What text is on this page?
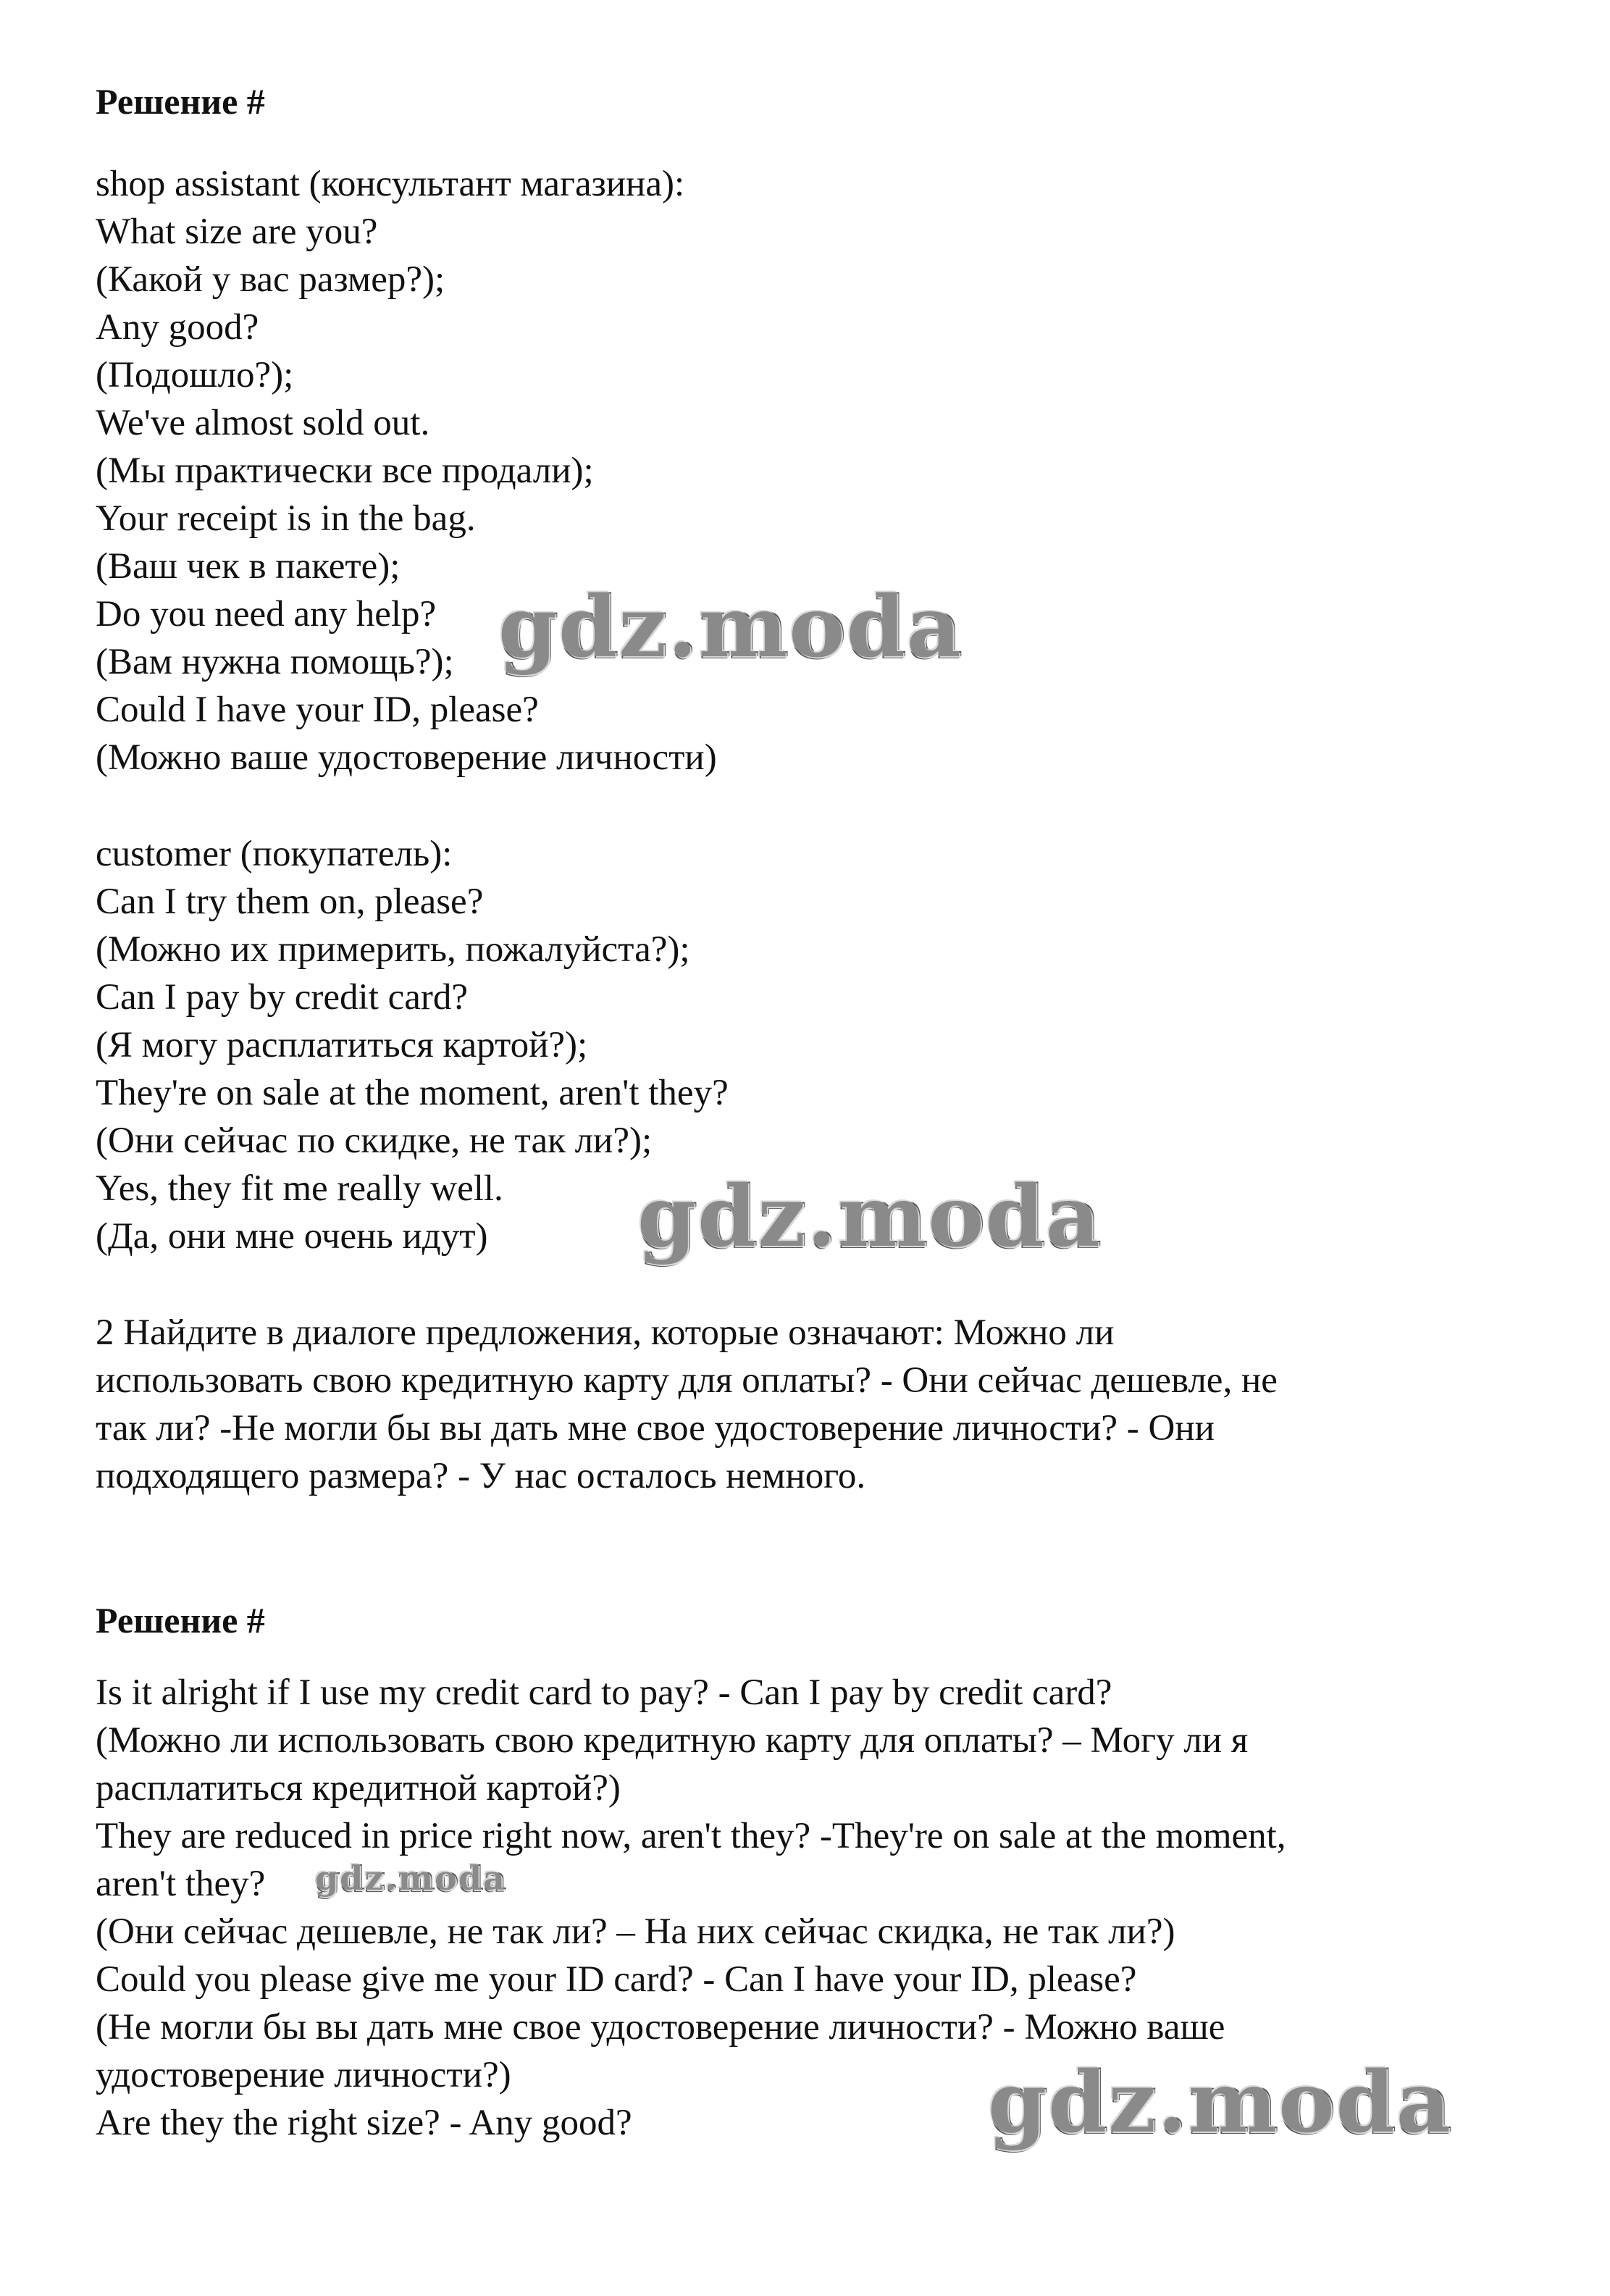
Решение #
shop assistant (консультант магазина):
What size are you?
(Какой у вас размер?);
Any good?
(Подошло?);
We've almost sold out.
(Мы практически все продали);
Your receipt is in the bag.
(Ваш чек в пакете);
Do you need any help?
(Вам нужна помощь?);
Could I have your ID, please?
(Можно ваше удостоверение личности)
customer (покупатель):
Can I try them on, please?
(Можно их примерить, пожалуйста?);
Can I pay by credit card?
(Я могу расплатиться картой?);
They're on sale at the moment, aren't they?
(Они сейчас по скидке, не так ли?);
Yes, they fit me really well.
(Да, они мне очень идут)
2 Найдите в диалоге предложения, которые означают: Можно ли
использовать свою кредитную карту для оплаты? - Они сейчас дешевле, не
так ли? -Не могли бы вы дать мне свое удостоверение личности? - Они
подходящего размера? - У нас осталось немного.
Решение #
Is it alright if I use my credit card to pay? - Can I pay by credit card?
(Можно ли использовать свою кредитную карту для оплаты? – Могу ли я
расплатиться кредитной картой?)
They are reduced in price right now, aren't they? -They're on sale at the moment,
aren't they?
(Они сейчас дешевле, не так ли? – На них сейчас скидка, не так ли?)
Could you please give me your ID card? - Can I have your ID, please?
(Не могли бы вы дать мне свое удостоверение личности? - Можно ваше
удостоверение личности?)
Are they the right size? - Any good?
gdz.moda
gdz.moda
gdz.moda
gdz.moda
